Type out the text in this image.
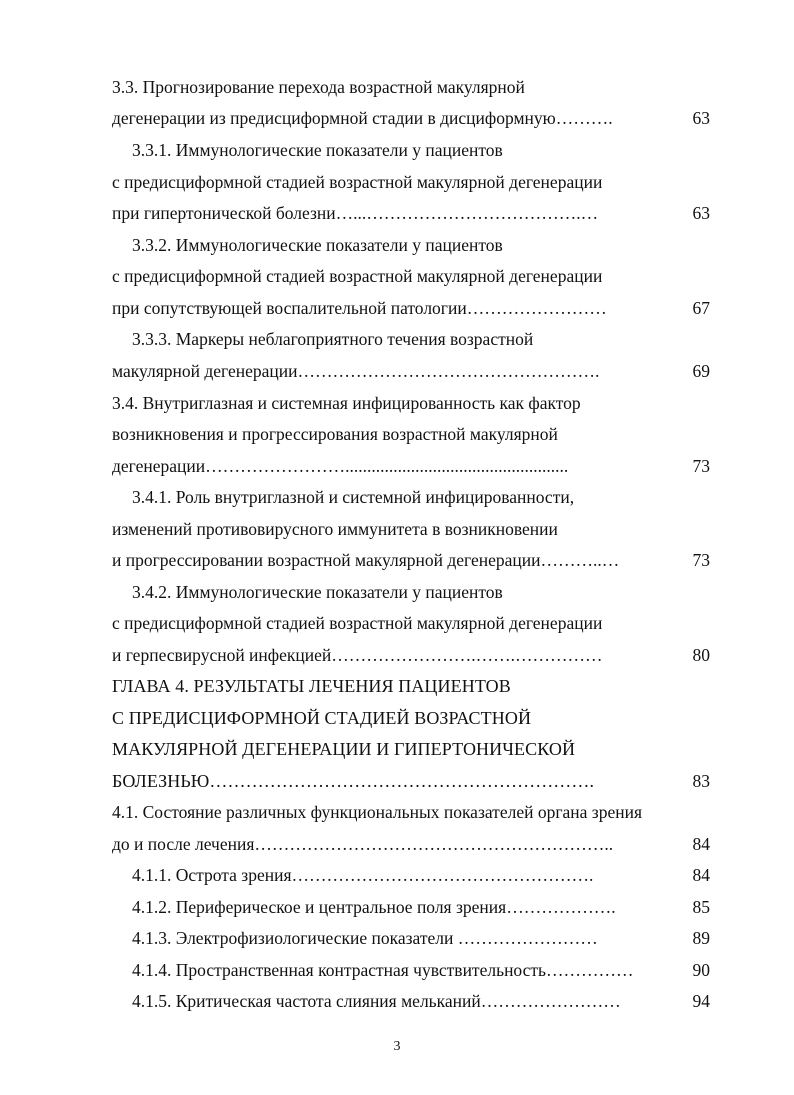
3.3. Прогнозирование перехода возрастной макулярной
дегенерации из предисциформной стадии в дисциформную……….	63
3.3.1. Иммунологические показатели у пациентов
с предисциформной стадией возрастной макулярной дегенерации
при гипертонической болезни…...……………………………….…	63
3.3.2. Иммунологические показатели у пациентов
с предисциформной стадией возрастной макулярной дегенерации
при сопутствующей воспалительной патологии……………………	67
3.3.3. Маркеры неблагоприятного течения возрастной
макулярной дегенерации…………………………………………….	69
3.4. Внутриглазная и системная инфицированность как фактор
возникновения и прогрессирования возрастной макулярной
дегенерации……………………...................................................	73
3.4.1. Роль внутриглазной и системной инфицированности,
изменений противовирусного иммунитета в возникновении
и прогрессировании возрастной макулярной дегенерации………..…	73
3.4.2. Иммунологические показатели у пациентов
с предисциформной стадией возрастной макулярной дегенерации
и герпесвирусной инфекцией…………………….…….……………	80
ГЛАВА 4. РЕЗУЛЬТАТЫ ЛЕЧЕНИЯ ПАЦИЕНТОВ
С ПРЕДИСЦИФОРМНОЙ СТАДИЕЙ ВОЗРАСТНОЙ
МАКУЛЯРНОЙ ДЕГЕНЕРАЦИИ И ГИПЕРТОНИЧЕСКОЙ
БОЛЕЗНЬЮ……………………………………………………….	83
4.1. Состояние различных функциональных показателей органа зрения
до и после лечения……………………………………………………..	84
4.1.1. Острота зрения…………………………………………….	84
4.1.2. Периферическое и центральное поля зрения……………….	85
4.1.3. Электрофизиологические показатели ……………………	89
4.1.4. Пространственная контрастная чувствительность……………	90
4.1.5. Критическая частота слияния мельканий……………………	94
3
